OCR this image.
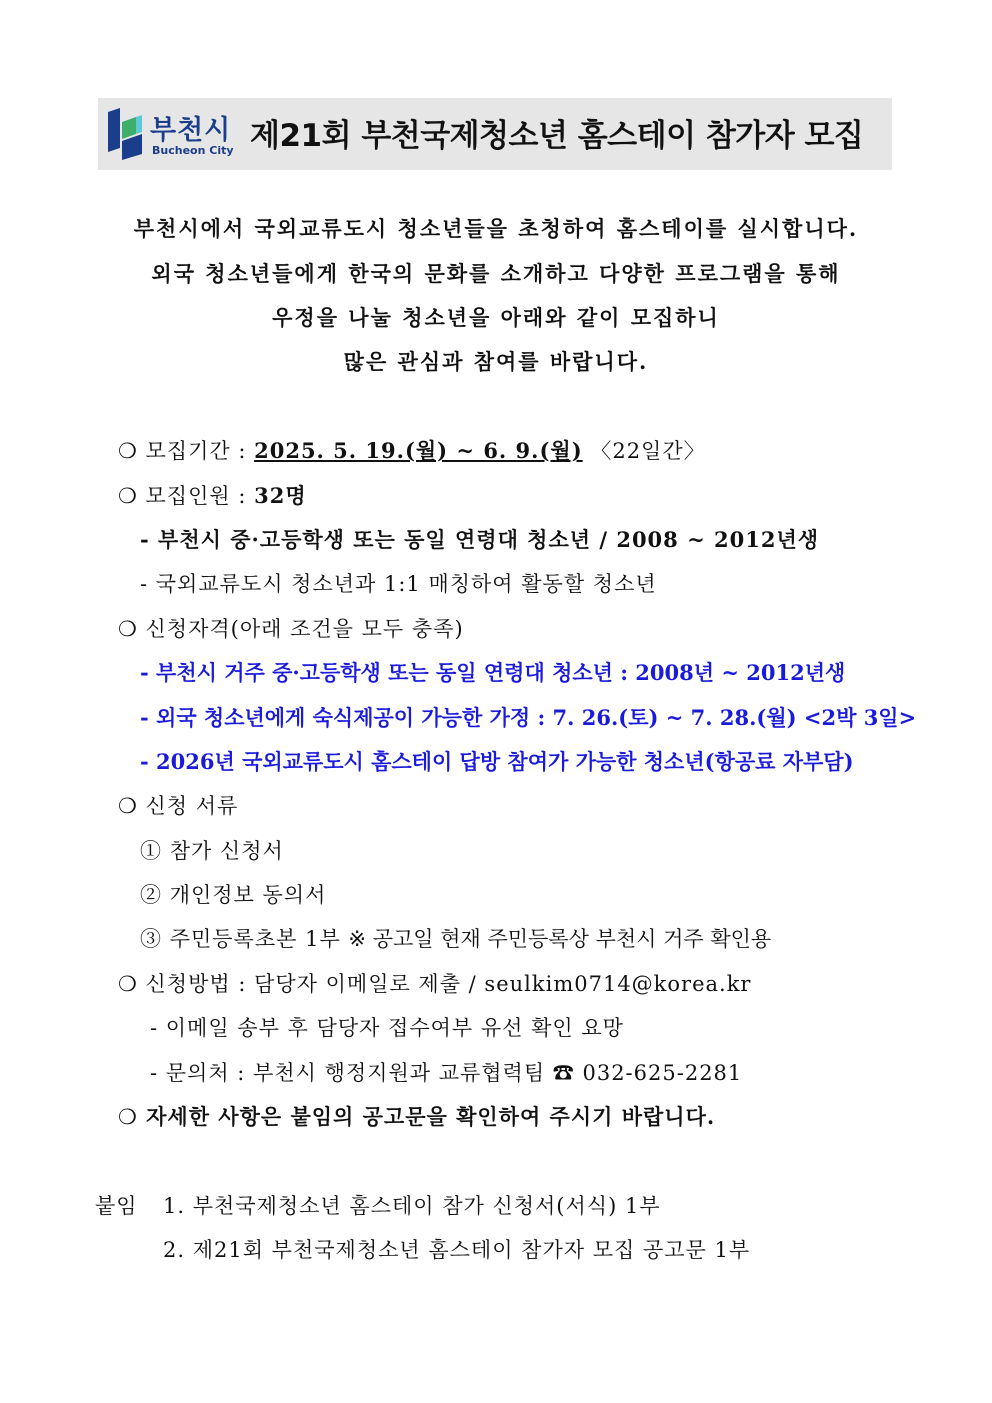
부천시
Bucheon City 제21회 부천국제청소년 홈스테이 참가자 모집
부천시에서 국외교류도시 청소년들을 초청하여 홈스테이를 실시합니다.
외국 청소년들에게 한국의 문화를 소개하고 다양한 프로그램을 통해
우정을 나눌 청소년을 아래와 같이 모집하니
많은 관심과 참여를 바랍니다.
❍ 모집기간 : 2025. 5. 19.(월) ~ 6. 9.(월) 〈22일간〉
❍ 모집인원 : 32명
- 부천시 중·고등학생 또는 동일 연령대 청소년 / 2008 ~ 2012년생
- 국외교류도시 청소년과 1:1 매칭하여 활동할 청소년
❍ 신청자격(아래 조건을 모두 충족)
- 부천시 거주 중·고등학생 또는 동일 연령대 청소년 : 2008년 ~ 2012년생
- 외국 청소년에게 숙식제공이 가능한 가정 : 7. 26.(토) ~ 7. 28.(월) <2박 3일>
- 2026년 국외교류도시 홈스테이 답방 참여가 가능한 청소년(항공료 자부담)
❍ 신청 서류
① 참가 신청서
② 개인정보 동의서
③ 주민등록초본 1부 ※ 공고일 현재 주민등록상 부천시 거주 확인용
❍ 신청방법 : 담당자 이메일로 제출 / seulkim0714@korea.kr
- 이메일 송부 후 담당자 접수여부 유선 확인 요망
- 문의처 : 부천시 행정지원과 교류협력팀 ☎ 032-625-2281
❍ 자세한 사항은 붙임의 공고문을 확인하여 주시기 바랍니다.
붙임 1. 부천국제청소년 홈스테이 참가 신청서(서식) 1부
2. 제21회 부천국제청소년 홈스테이 참가자 모집 공고문 1부
